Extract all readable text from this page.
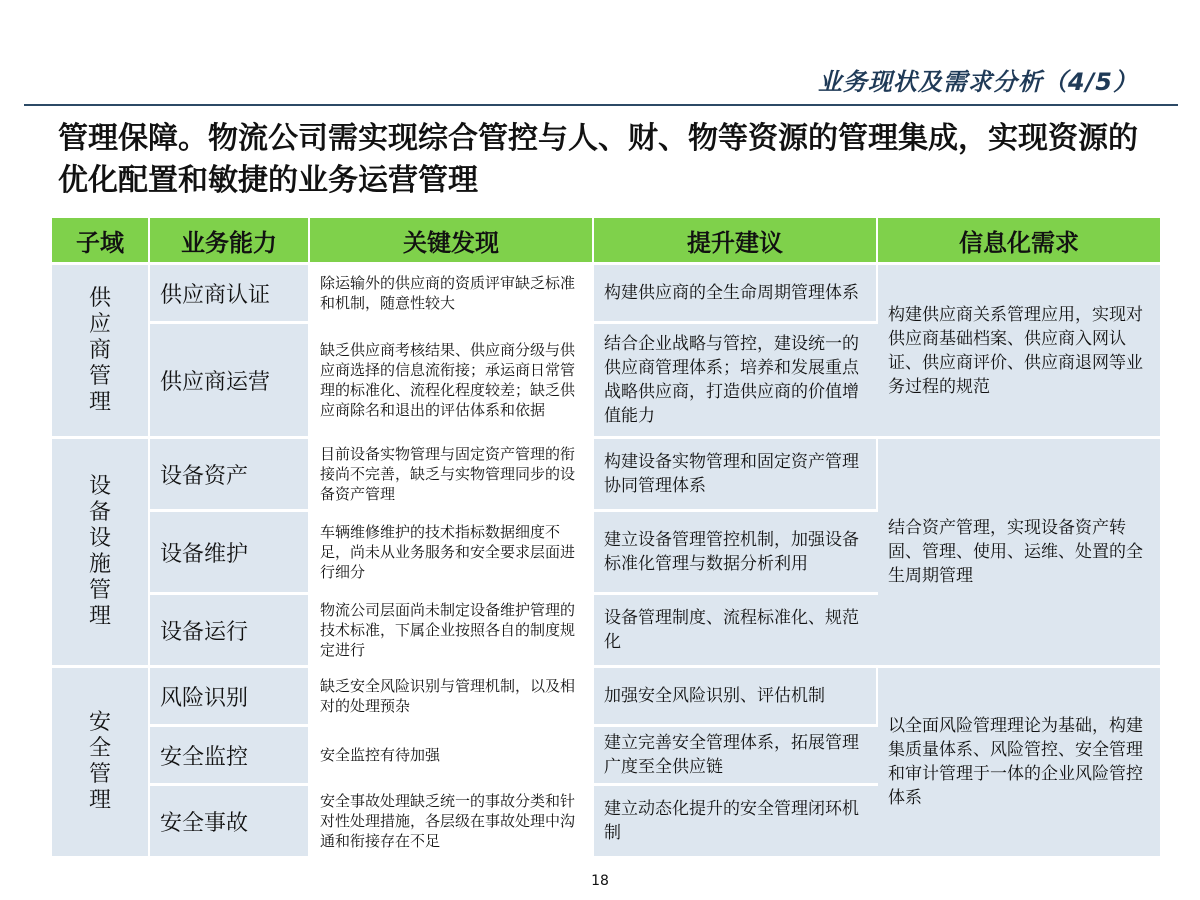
业务现状及需求分析（4/5）
管理保障。物流公司需实现综合管控与人、财、物等资源的管理集成，实现资源的优化配置和敏捷的业务运营管理
子域	业务能力	关键发现	提升建议	信息化需求
供应商管理	供应商认证	除运输外的供应商的资质评审缺乏标准和机制，随意性较大	构建供应商的全生命周期管理体系	构建供应商关系管理应用，实现对供应商基础档案、供应商入网认证、供应商评价、供应商退网等业务过程的规范
	供应商运营	缺乏供应商考核结果、供应商分级与供应商选择的信息流衔接；承运商日常管理的标准化、流程化程度较差；缺乏供应商除名和退出的评估体系和依据	结合企业战略与管控，建设统一的供应商管理体系；培养和发展重点战略供应商，打造供应商的价值增值能力	
设备设施管理	设备资产	目前设备实物管理与固定资产管理的衔接尚不完善，缺乏与实物管理同步的设备资产管理	构建设备实物管理和固定资产管理协同管理体系	结合资产管理，实现设备资产转固、管理、使用、运维、处置的全生周期管理
	设备维护	车辆维修维护的技术指标数据细度不足，尚未从业务服务和安全要求层面进行细分	建立设备管理管控机制，加强设备标准化管理与数据分析利用	
	设备运行	物流公司层面尚未制定设备维护管理的技术标准，下属企业按照各自的制度规定进行	设备管理制度、流程标准化、规范化	
安全管理	风险识别	缺乏安全风险识别与管理机制，以及相对的处理预杂	加强安全风险识别、评估机制	以全面风险管理理论为基础，构建集质量体系、风险管控、安全管理和审计管理于一体的企业风险管控体系
	安全监控	安全监控有待加强	建立完善安全管理体系，拓展管理广度至全供应链	
	安全事故	安全事故处理缺乏统一的事故分类和针对性处理措施，各层级在事故处理中沟通和衔接存在不足	建立动态化提升的安全管理闭环机制	
18
